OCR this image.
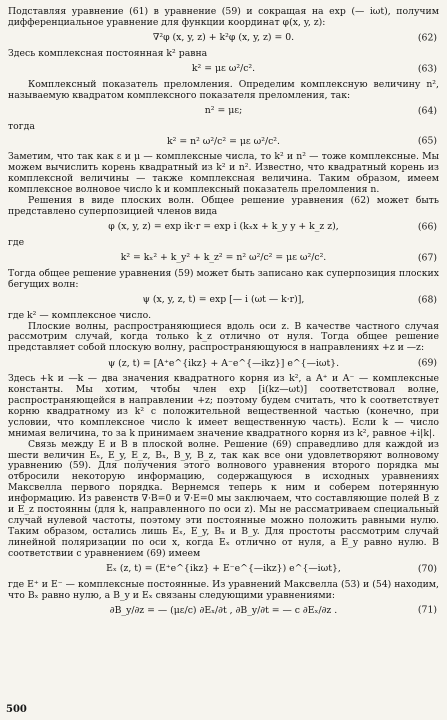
Подставляя уравнение (61) в уравнение (59) и сокращая на exp (— iωt), получим дифференциальное уравнение для функции координат φ(x, y, z):

∇²φ (x, y, z) + k²φ (x, y, z) = 0.	(62)

Здесь комплексная постоянная k² равна

k² = με ω²/c².	(63)

Комплексный показатель преломления. Определим комплексную величину n², называемую квадратом комплексного показателя преломления, так:

n² = με;	(64)

тогда

k² = n² ω²/c² = με ω²/c².	(65)

Заметим, что так как ε и μ — комплексные числа, то k² и n² — тоже комплексные. Мы можем вычислить корень квадратный из k² и n². Известно, что квадратный корень из комплексной величины — также комплексная величина. Таким образом, имеем комплексное волновое число k и комплексный показатель преломления n.

Решения в виде плоских волн. Общее решение уравнения (62) может быть представлено суперпозицией членов вида

φ (x, y, z) = exp ik·r = exp i (kₓx + k_y y + k_z z),	(66)

где

k² = kₓ² + k_y² + k_z² = n² ω²/c² = με ω²/c².	(67)

Тогда общее решение уравнения (59) может быть записано как суперпозиция плоских бегущих волн:

ψ (x, y, z, t) = exp [— i (ωt — k·r)],	(68)

где k² — комплексное число.

Плоские волны, распространяющиеся вдоль оси z. В качестве частного случая рассмотрим случай, когда только k_z отлично от нуля. Тогда общее решение представляет собой плоскую волну, распространяющуюся в направлениях +z и —z:

ψ (z, t) = [A⁺e^{ikz} + A⁻e^{—ikz}] e^{—iωt}.	(69)

Здесь +k и —k — два значения квадратного корня из k², а A⁺ и A⁻ — комплексные константы. Мы хотим, чтобы член exp [i(kz—ωt)] соответствовал волне, распространяющейся в направлении +z; поэтому будем считать, что k соответствует корню квадратному из k² с положительной вещественной частью (конечно, при условии, что комплексное число k имеет вещественную часть). Если k — число мнимая величина, то за k принимаем значение квадратного корня из k², равное +i|k|.

Связь между E и B в плоской волне. Решение (69) справедливо для каждой из шести величин Eₓ, E_y, E_z, Bₓ, B_y, B_z, так как все они удовлетворяют волновому уравнению (59). Для получения этого волнового уравнения второго порядка мы отбросили некоторую информацию, содержащуюся в исходных уравнениях Максвелла первого порядка. Вернемся теперь к ним и соберем потерянную информацию. Из равенств ∇·B=0 и ∇·E=0 мы заключаем, что составляющие полей B_z и E_z постоянны (для k, направленного по оси z). Мы не рассматриваем специальный случай нулевой частоты, поэтому эти постоянные можно положить равными нулю. Таким образом, остались лишь Eₓ, E_y, Bₓ и B_y. Для простоты рассмотрим случай линейной поляризации по оси x, когда Eₓ отлично от нуля, а E_y равно нулю. В соответствии с уравнением (69) имеем

Eₓ (z, t) = (E⁺e^{ikz} + E⁻e^{—ikz}) e^{—iωt},	(70)

где E⁺ и E⁻ — комплексные постоянные. Из уравнений Максвелла (53) и (54) находим, что Bₓ равно нулю, а B_y и Eₓ связаны следующими уравнениями:

∂B_y/∂z = — (με/c) ∂Eₓ/∂t , ∂B_y/∂t = — c ∂Eₓ/∂z .	(71)
500
